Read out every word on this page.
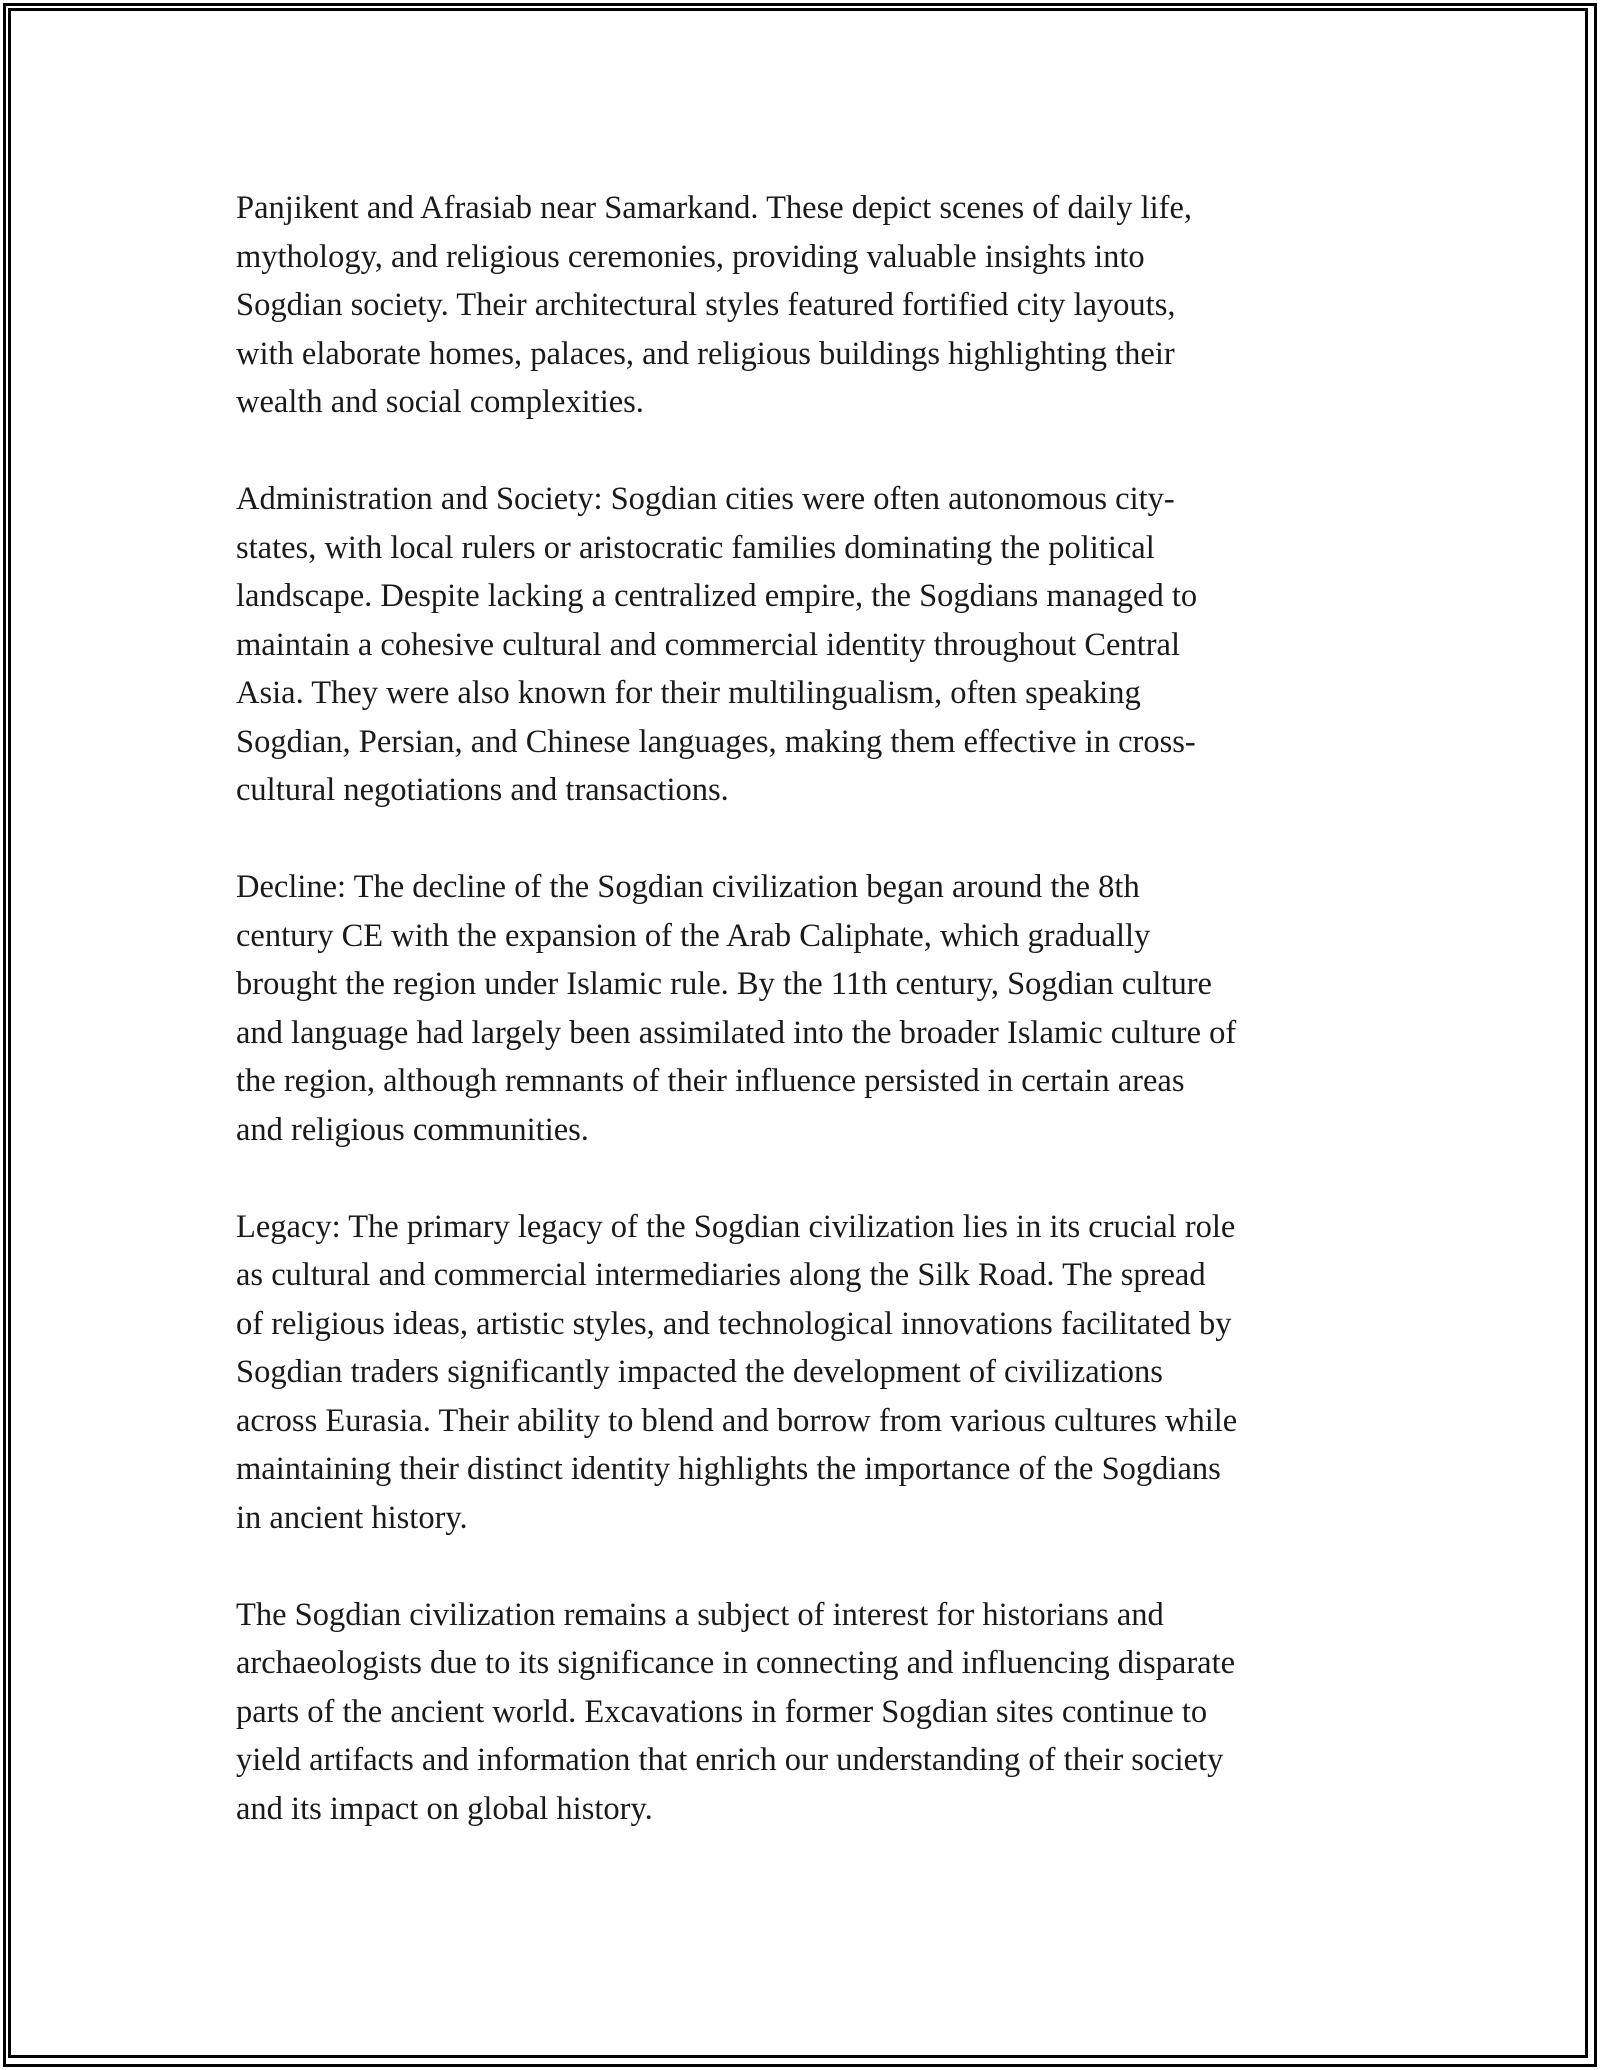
Panjikent and Afrasiab near Samarkand. These depict scenes of daily life,
mythology, and religious ceremonies, providing valuable insights into
Sogdian society. Their architectural styles featured fortified city layouts,
with elaborate homes, palaces, and religious buildings highlighting their
wealth and social complexities.

Administration and Society: Sogdian cities were often autonomous city-
states, with local rulers or aristocratic families dominating the political
landscape. Despite lacking a centralized empire, the Sogdians managed to
maintain a cohesive cultural and commercial identity throughout Central
Asia. They were also known for their multilingualism, often speaking
Sogdian, Persian, and Chinese languages, making them effective in cross-
cultural negotiations and transactions.

Decline: The decline of the Sogdian civilization began around the 8th
century CE with the expansion of the Arab Caliphate, which gradually
brought the region under Islamic rule. By the 11th century, Sogdian culture
and language had largely been assimilated into the broader Islamic culture of
the region, although remnants of their influence persisted in certain areas
and religious communities.

Legacy: The primary legacy of the Sogdian civilization lies in its crucial role
as cultural and commercial intermediaries along the Silk Road. The spread
of religious ideas, artistic styles, and technological innovations facilitated by
Sogdian traders significantly impacted the development of civilizations
across Eurasia. Their ability to blend and borrow from various cultures while
maintaining their distinct identity highlights the importance of the Sogdians
in ancient history.

The Sogdian civilization remains a subject of interest for historians and
archaeologists due to its significance in connecting and influencing disparate
parts of the ancient world. Excavations in former Sogdian sites continue to
yield artifacts and information that enrich our understanding of their society
and its impact on global history.
